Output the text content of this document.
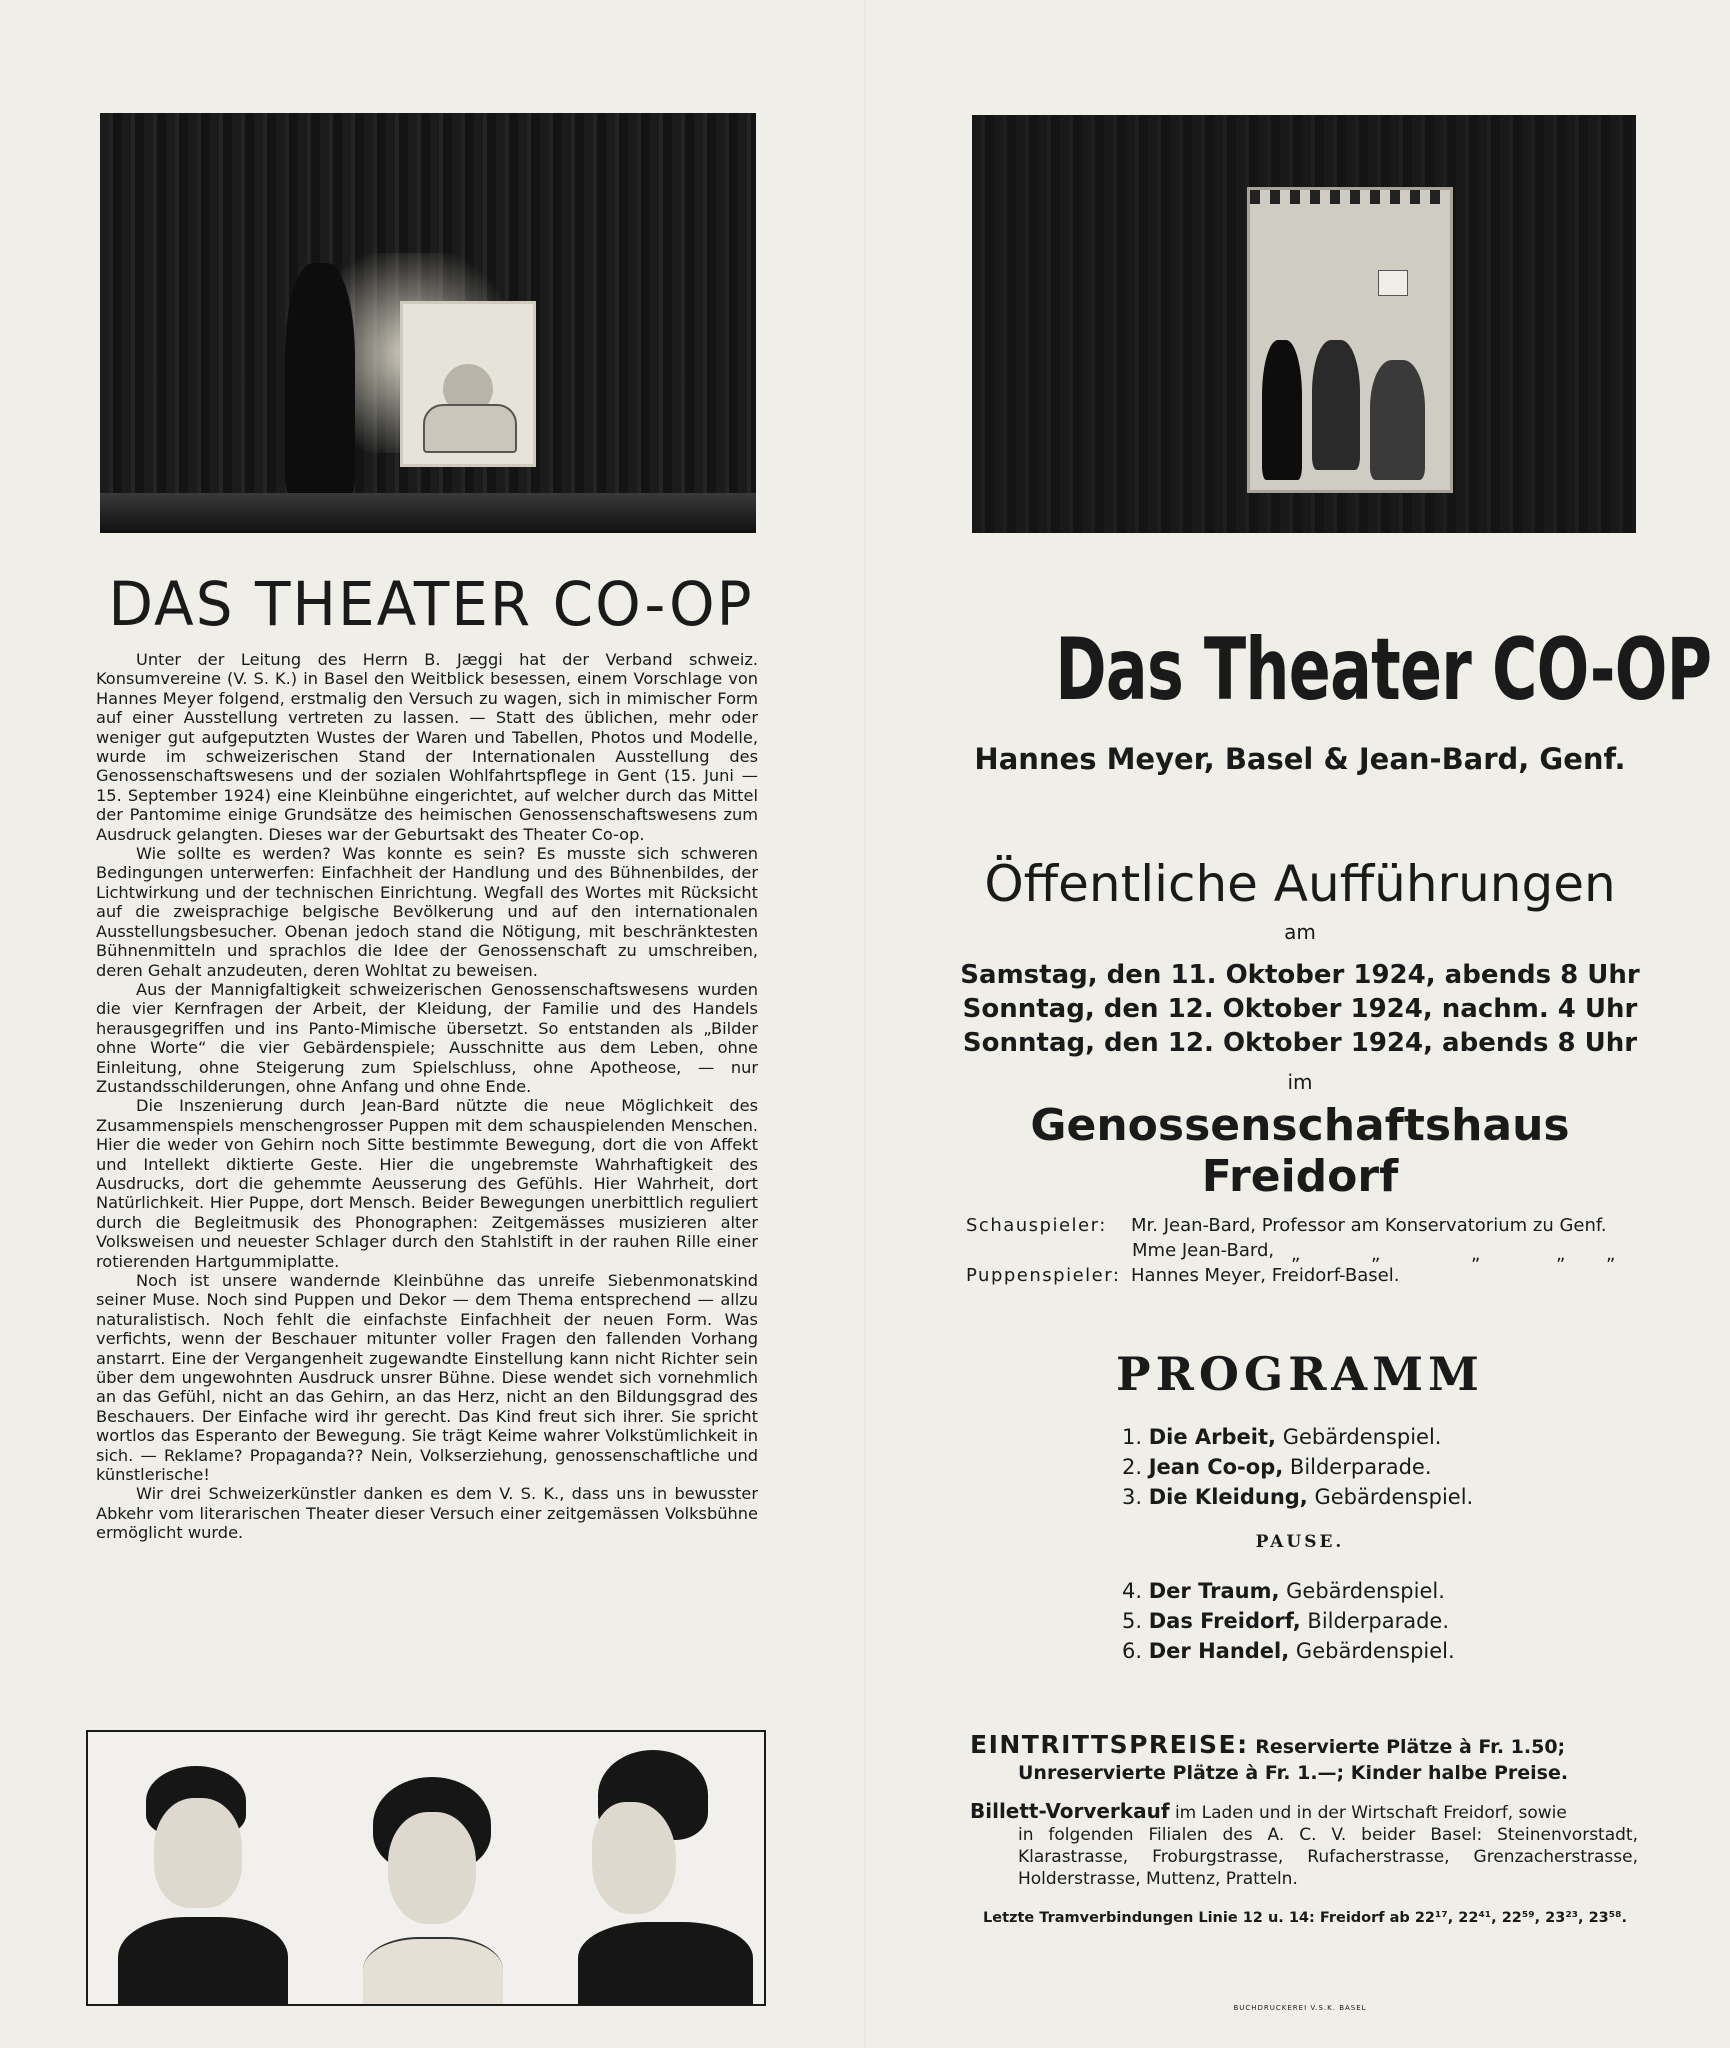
DAS THEATER CO-OP

Unter der Leitung des Herrn B. Jæggi hat der Verband schweiz. Konsumvereine (V. S. K.) in Basel den Weitblick besessen, einem Vorschlage von Hannes Meyer folgend, erstmalig den Versuch zu wagen, sich in mimischer Form auf einer Ausstellung vertreten zu lassen. — Statt des üblichen, mehr oder weniger gut aufgeputzten Wustes der Waren und Tabellen, Photos und Modelle, wurde im schweizerischen Stand der Internationalen Ausstellung des Genossenschaftswesens und der sozialen Wohlfahrtspflege in Gent (15. Juni — 15. September 1924) eine Kleinbühne eingerichtet, auf welcher durch das Mittel der Pantomime einige Grundsätze des heimischen Genossenschaftswesens zum Ausdruck gelangten. Dieses war der Geburtsakt des Theater Co-op.

Wie sollte es werden? Was konnte es sein? Es musste sich schweren Bedingungen unterwerfen: Einfachheit der Handlung und des Bühnenbildes, der Lichtwirkung und der technischen Einrichtung. Wegfall des Wortes mit Rücksicht auf die zweisprachige belgische Bevölkerung und auf den internationalen Ausstellungsbesucher. Obenan jedoch stand die Nötigung, mit beschränktesten Bühnenmitteln und sprachlos die Idee der Genossenschaft zu umschreiben, deren Gehalt anzudeuten, deren Wohltat zu beweisen.

Aus der Mannigfaltigkeit schweizerischen Genossenschaftswesens wurden die vier Kernfragen der Arbeit, der Kleidung, der Familie und des Handels herausgegriffen und ins Panto-Mimische übersetzt. So entstanden als „Bilder ohne Worte“ die vier Gebärdenspiele; Ausschnitte aus dem Leben, ohne Einleitung, ohne Steigerung zum Spielschluss, ohne Apotheose, — nur Zustandsschilderungen, ohne Anfang und ohne Ende.

Die Inszenierung durch Jean-Bard nützte die neue Möglichkeit des Zusammenspiels menschengrosser Puppen mit dem schauspielenden Menschen. Hier die weder von Gehirn noch Sitte bestimmte Bewegung, dort die von Affekt und Intellekt diktierte Geste. Hier die ungebremste Wahrhaftigkeit des Ausdrucks, dort die gehemmte Aeusserung des Gefühls. Hier Wahrheit, dort Natürlichkeit. Hier Puppe, dort Mensch. Beider Bewegungen unerbittlich reguliert durch die Begleitmusik des Phonographen: Zeitgemässes musizieren alter Volksweisen und neuester Schlager durch den Stahlstift in der rauhen Rille einer rotierenden Hartgummiplatte.

Noch ist unsere wandernde Kleinbühne das unreife Siebenmonatskind seiner Muse. Noch sind Puppen und Dekor — dem Thema entsprechend — allzu naturalistisch. Noch fehlt die einfachste Einfachheit der neuen Form. Was verfichts, wenn der Beschauer mitunter voller Fragen den fallenden Vorhang anstarrt. Eine der Vergangenheit zugewandte Einstellung kann nicht Richter sein über dem ungewohnten Ausdruck unsrer Bühne. Diese wendet sich vornehmlich an das Gefühl, nicht an das Gehirn, an das Herz, nicht an den Bildungsgrad des Beschauers. Der Einfache wird ihr gerecht. Das Kind freut sich ihrer. Sie spricht wortlos das Esperanto der Bewegung. Sie trägt Keime wahrer Volkstümlichkeit in sich. — Reklame? Propaganda?? Nein, Volkserziehung, genossenschaftliche und künstlerische!

Wir drei Schweizerkünstler danken es dem V. S. K., dass uns in bewusster Abkehr vom literarischen Theater dieser Versuch einer zeitgemässen Volksbühne ermöglicht wurde.

Das Theater CO-OP
Hannes Meyer, Basel & Jean-Bard, Genf.
Öffentliche Aufführungen
am
Samstag, den 11. Oktober 1924, abends 8 Uhr
Sonntag, den 12. Oktober 1924, nachm. 4 Uhr
Sonntag, den 12. Oktober 1924, abends 8 Uhr
im
Genossenschaftshaus Freidorf
Schauspieler: Mr. Jean-Bard, Professor am Konservatorium zu Genf.
Mme Jean-Bard, „	„	„	„ „
Puppenspieler: Hannes Meyer, Freidorf-Basel.
PROGRAMM
1. Die Arbeit, Gebärdenspiel.
2. Jean Co-op, Bilderparade.
3. Die Kleidung, Gebärdenspiel.
PAUSE.
4. Der Traum, Gebärdenspiel.
5. Das Freidorf, Bilderparade.
6. Der Handel, Gebärdenspiel.
EINTRITTSPREISE: Reservierte Plätze à Fr. 1.50;
Unreservierte Plätze à Fr. 1.—; Kinder halbe Preise.
Billett-Vorverkauf im Laden und in der Wirtschaft Freidorf, sowie
in folgenden Filialen des A. C. V. beider Basel: Steinenvorstadt, Klarastrasse, Froburgstrasse, Rufacherstrasse, Grenzacherstrasse, Holderstrasse, Muttenz, Pratteln.
Letzte Tramverbindungen Linie 12 u. 14: Freidorf ab 22¹⁷, 22⁴¹, 22⁵⁹, 23²³, 23⁵⁸.
BUCHDRUCKEREI V.S.K. BASEL
